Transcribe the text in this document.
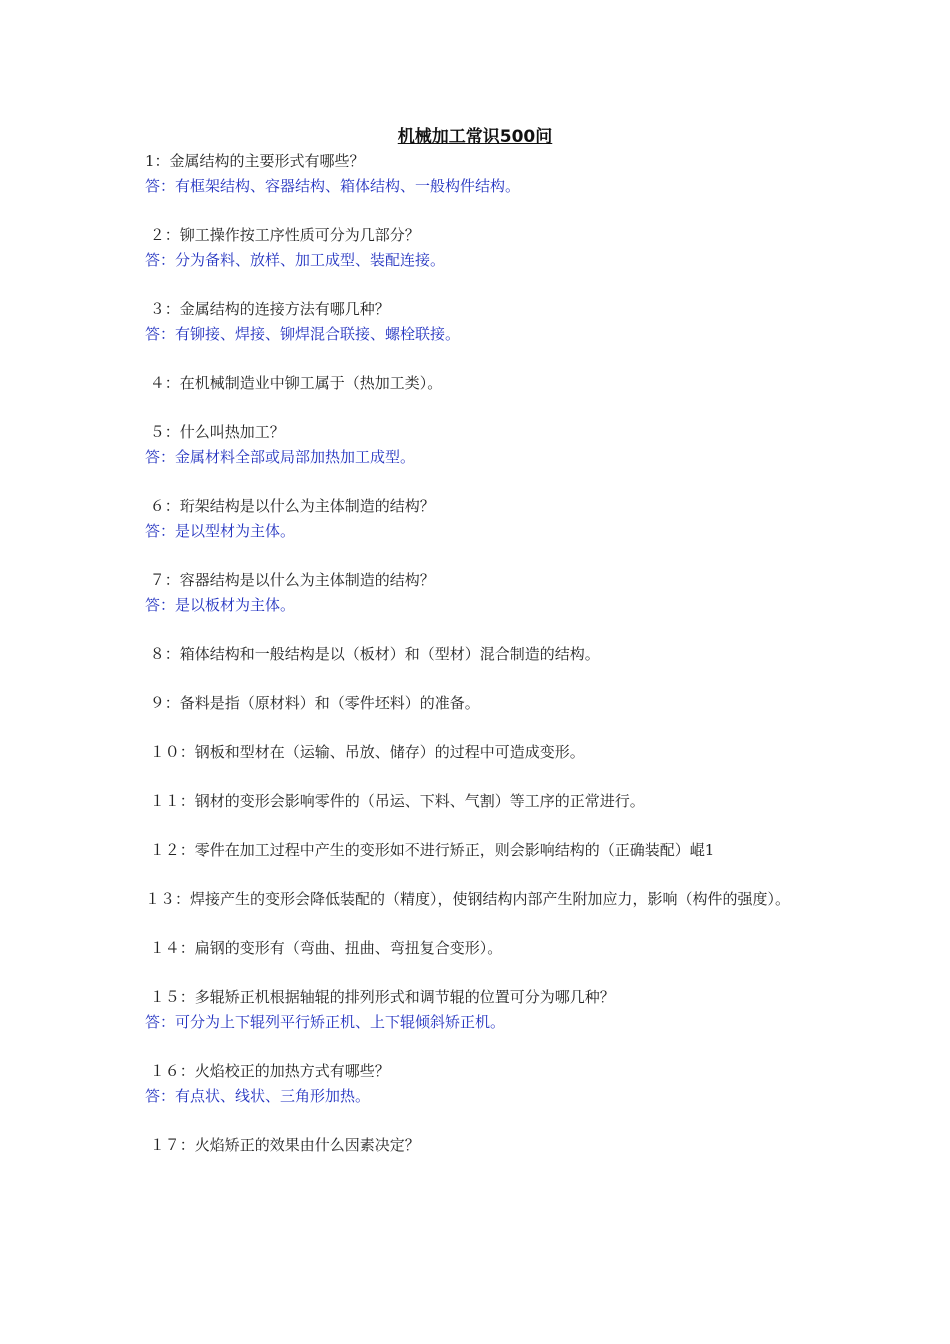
机械加工常识500问
1：金属结构的主要形式有哪些？
答：有框架结构、容器结构、箱体结构、一般构件结构。
２：铆工操作按工序性质可分为几部分？
答：分为备料、放样、加工成型、装配连接。
３：金属结构的连接方法有哪几种？
答：有铆接、焊接、铆焊混合联接、螺栓联接。
４：在机械制造业中铆工属于（热加工类）。
５：什么叫热加工？
答：金属材料全部或局部加热加工成型。
６：珩架结构是以什么为主体制造的结构？
答：是以型材为主体。
７：容器结构是以什么为主体制造的结构？
答：是以板材为主体。
８：箱体结构和一般结构是以（板材）和（型材）混合制造的结构。
９：备料是指（原材料）和（零件坯料）的准备。
１０：钢板和型材在（运输、吊放、储存）的过程中可造成变形。
１１：钢材的变形会影响零件的（吊运、下料、气割）等工序的正常进行。
１２：零件在加工过程中产生的变形如不进行矫正，则会影响结构的（正确装配）崐1
１３：焊接产生的变形会降低装配的（精度），使钢结构内部产生附加应力，影响（构件的强度）。
１４：扁钢的变形有（弯曲、扭曲、弯扭复合变形）。
１５：多辊矫正机根据轴辊的排列形式和调节辊的位置可分为哪几种？
答：可分为上下辊列平行矫正机、上下辊倾斜矫正机。
１６：火焰校正的加热方式有哪些？
答：有点状、线状、三角形加热。
１７：火焰矫正的效果由什么因素决定？
